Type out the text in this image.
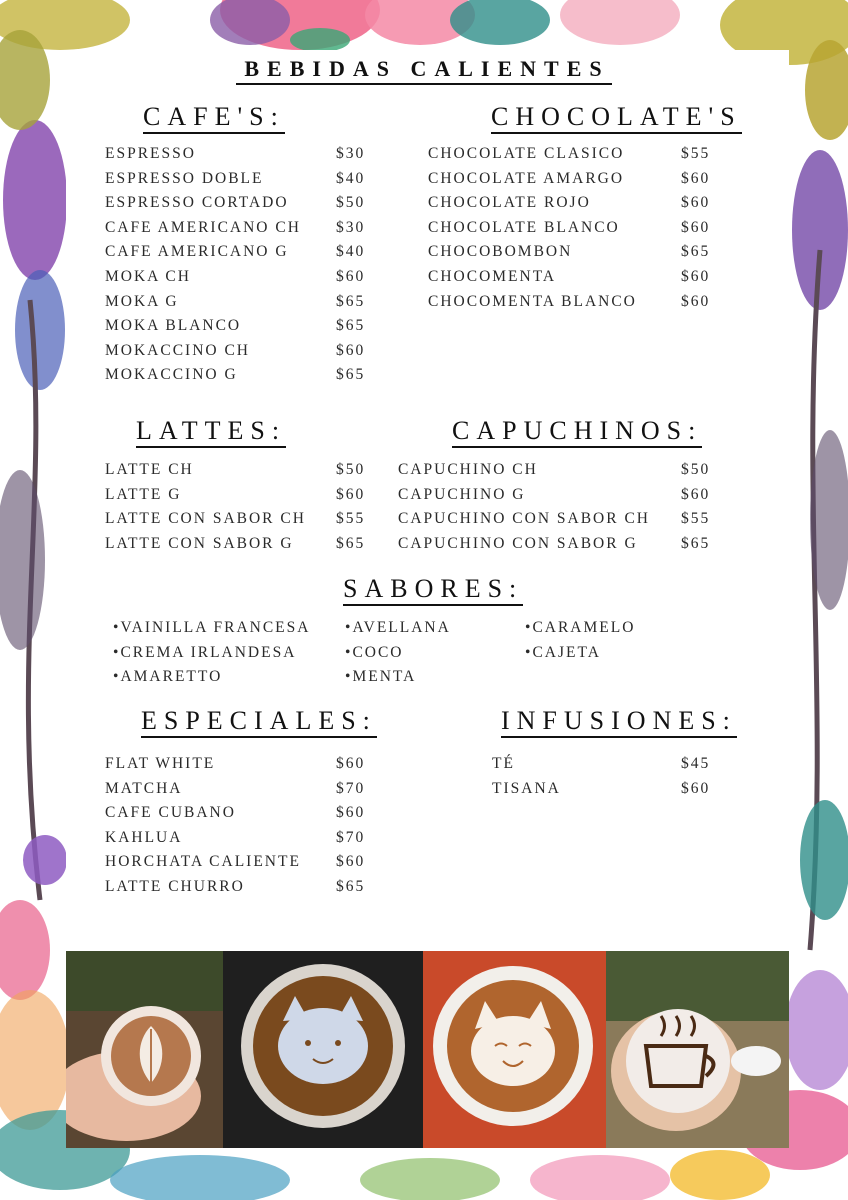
BEBIDAS CALIENTES
CAFE'S:	CHOCOLATE'S
LATTES:	CAPUCHINOS:
SABORES:
ESPECIALES:	INFUSIONES:
ESPRESSO	$30
ESPRESSO DOBLE	$40
ESPRESSO CORTADO	$50
CAFE AMERICANO CH $30
CAFE AMERICANO G	$40
MOKA CH	$60
MOKA G	$65
MOKA BLANCO	$65
MOKACCINO CH	$60
MOKACCINO G	$65
CHOCOLATE CLASICO	$55
CHOCOLATE AMARGO	$60
CHOCOLATE ROJO	$60
CHOCOLATE BLANCO	$60
CHOCOBOMBON	$65
CHOCOMENTA	$60
CHOCOMENTA BLANCO	$60
LATTE CH	$50
LATTE G	$60
LATTE CON SABOR CH $55
LATTE CON SABOR G	$65
CAPUCHINO CH	$50
CAPUCHINO G	$60
CAPUCHINO CON SABOR CH $55
CAPUCHINO CON SABOR G	$65
• VAINILLA FRANCESA
• CREMA IRLANDESA
• AMARETTO
• AVELLANA
• COCO
• MENTA
• CARAMELO
• CAJETA
FLAT WHITE	$60
MATCHA	$70
CAFE CUBANO	$60
KAHLUA	$70
HORCHATA CALIENTE $60
LATTE CHURRO	$65
TÉ	$45
TISANA	$60
